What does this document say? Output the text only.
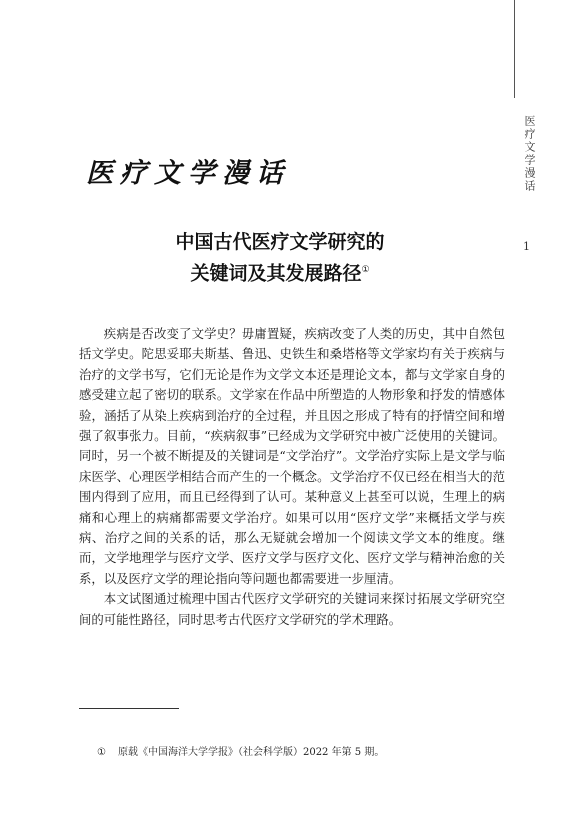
医疗文学漫话
1
医疗文学漫话
中国古代医疗文学研究的
关键词及其发展路径①

疾病是否改变了文学史？毋庸置疑，疾病改变了人类的历史，其中自然包括文学史。陀思妥耶夫斯基、鲁迅、史铁生和桑塔格等文学家均有关于疾病与治疗的文学书写，它们无论是作为文学文本还是理论文本，都与文学家自身的感受建立起了密切的联系。文学家在作品中所塑造的人物形象和抒发的情感体验，涵括了从染上疾病到治疗的全过程，并且因之形成了特有的抒情空间和增强了叙事张力。目前，“疾病叙事”已经成为文学研究中被广泛使用的关键词。同时，另一个被不断提及的关键词是“文学治疗”。文学治疗实际上是文学与临床医学、心理医学相结合而产生的一个概念。文学治疗不仅已经在相当大的范围内得到了应用，而且已经得到了认可。某种意义上甚至可以说，生理上的病痛和心理上的病痛都需要文学治疗。如果可以用“医疗文学”来概括文学与疾病、治疗之间的关系的话，那么无疑就会增加一个阅读文学文本的维度。继而，文学地理学与医疗文学、医疗文学与医疗文化、医疗文学与精神治愈的关系，以及医疗文学的理论指向等问题也都需要进一步厘清。

本文试图通过梳理中国古代医疗文学研究的关键词来探讨拓展文学研究空间的可能性路径，同时思考古代医疗文学研究的学术理路。

① 原载《中国海洋大学学报》（社会科学版）2022 年第 5 期。
